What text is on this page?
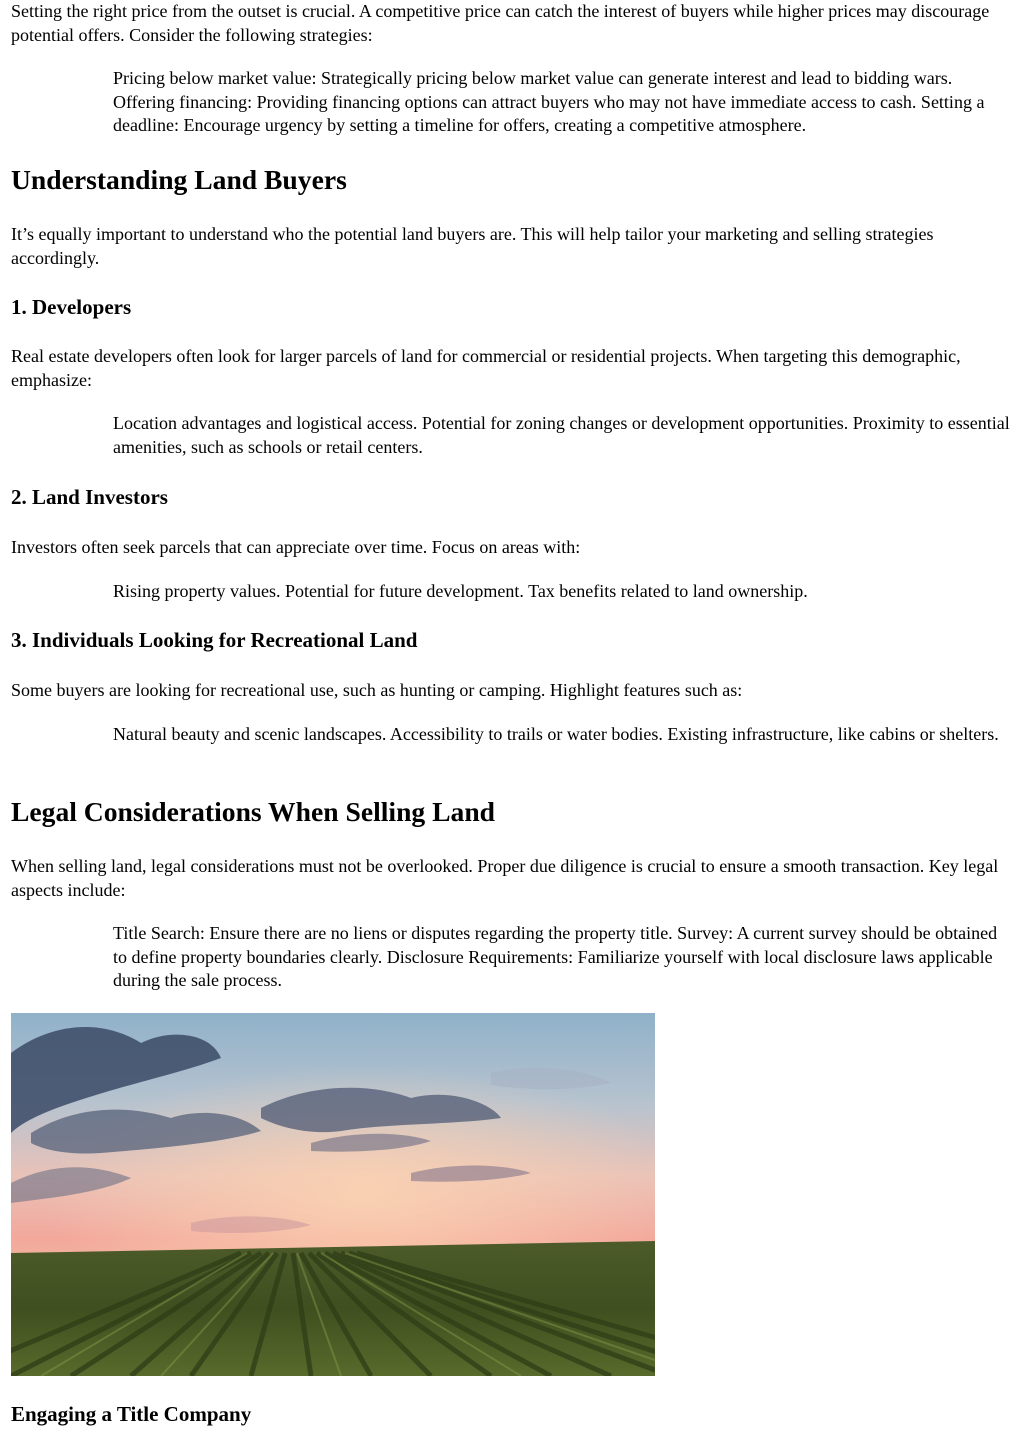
Setting the right price from the outset is crucial. A competitive price can catch the interest of buyers while higher prices may discourage potential offers. Consider the following strategies:

Pricing below market value: Strategically pricing below market value can generate interest and lead to bidding wars. Offering financing: Providing financing options can attract buyers who may not have immediate access to cash. Setting a deadline: Encourage urgency by setting a timeline for offers, creating a competitive atmosphere.

Understanding Land Buyers

It’s equally important to understand who the potential land buyers are. This will help tailor your marketing and selling strategies accordingly.

1. Developers

Real estate developers often look for larger parcels of land for commercial or residential projects. When targeting this demographic, emphasize:

Location advantages and logistical access. Potential for zoning changes or development opportunities. Proximity to essential amenities, such as schools or retail centers.

2. Land Investors

Investors often seek parcels that can appreciate over time. Focus on areas with:

Rising property values. Potential for future development. Tax benefits related to land ownership.

3. Individuals Looking for Recreational Land

Some buyers are looking for recreational use, such as hunting or camping. Highlight features such as:

Natural beauty and scenic landscapes. Accessibility to trails or water bodies. Existing infrastructure, like cabins or shelters.

Legal Considerations When Selling Land

When selling land, legal considerations must not be overlooked. Proper due diligence is crucial to ensure a smooth transaction. Key legal aspects include:

Title Search: Ensure there are no liens or disputes regarding the property title. Survey: A current survey should be obtained to define property boundaries clearly. Disclosure Requirements: Familiarize yourself with local disclosure laws applicable during the sale process.

Engaging a Title Company
